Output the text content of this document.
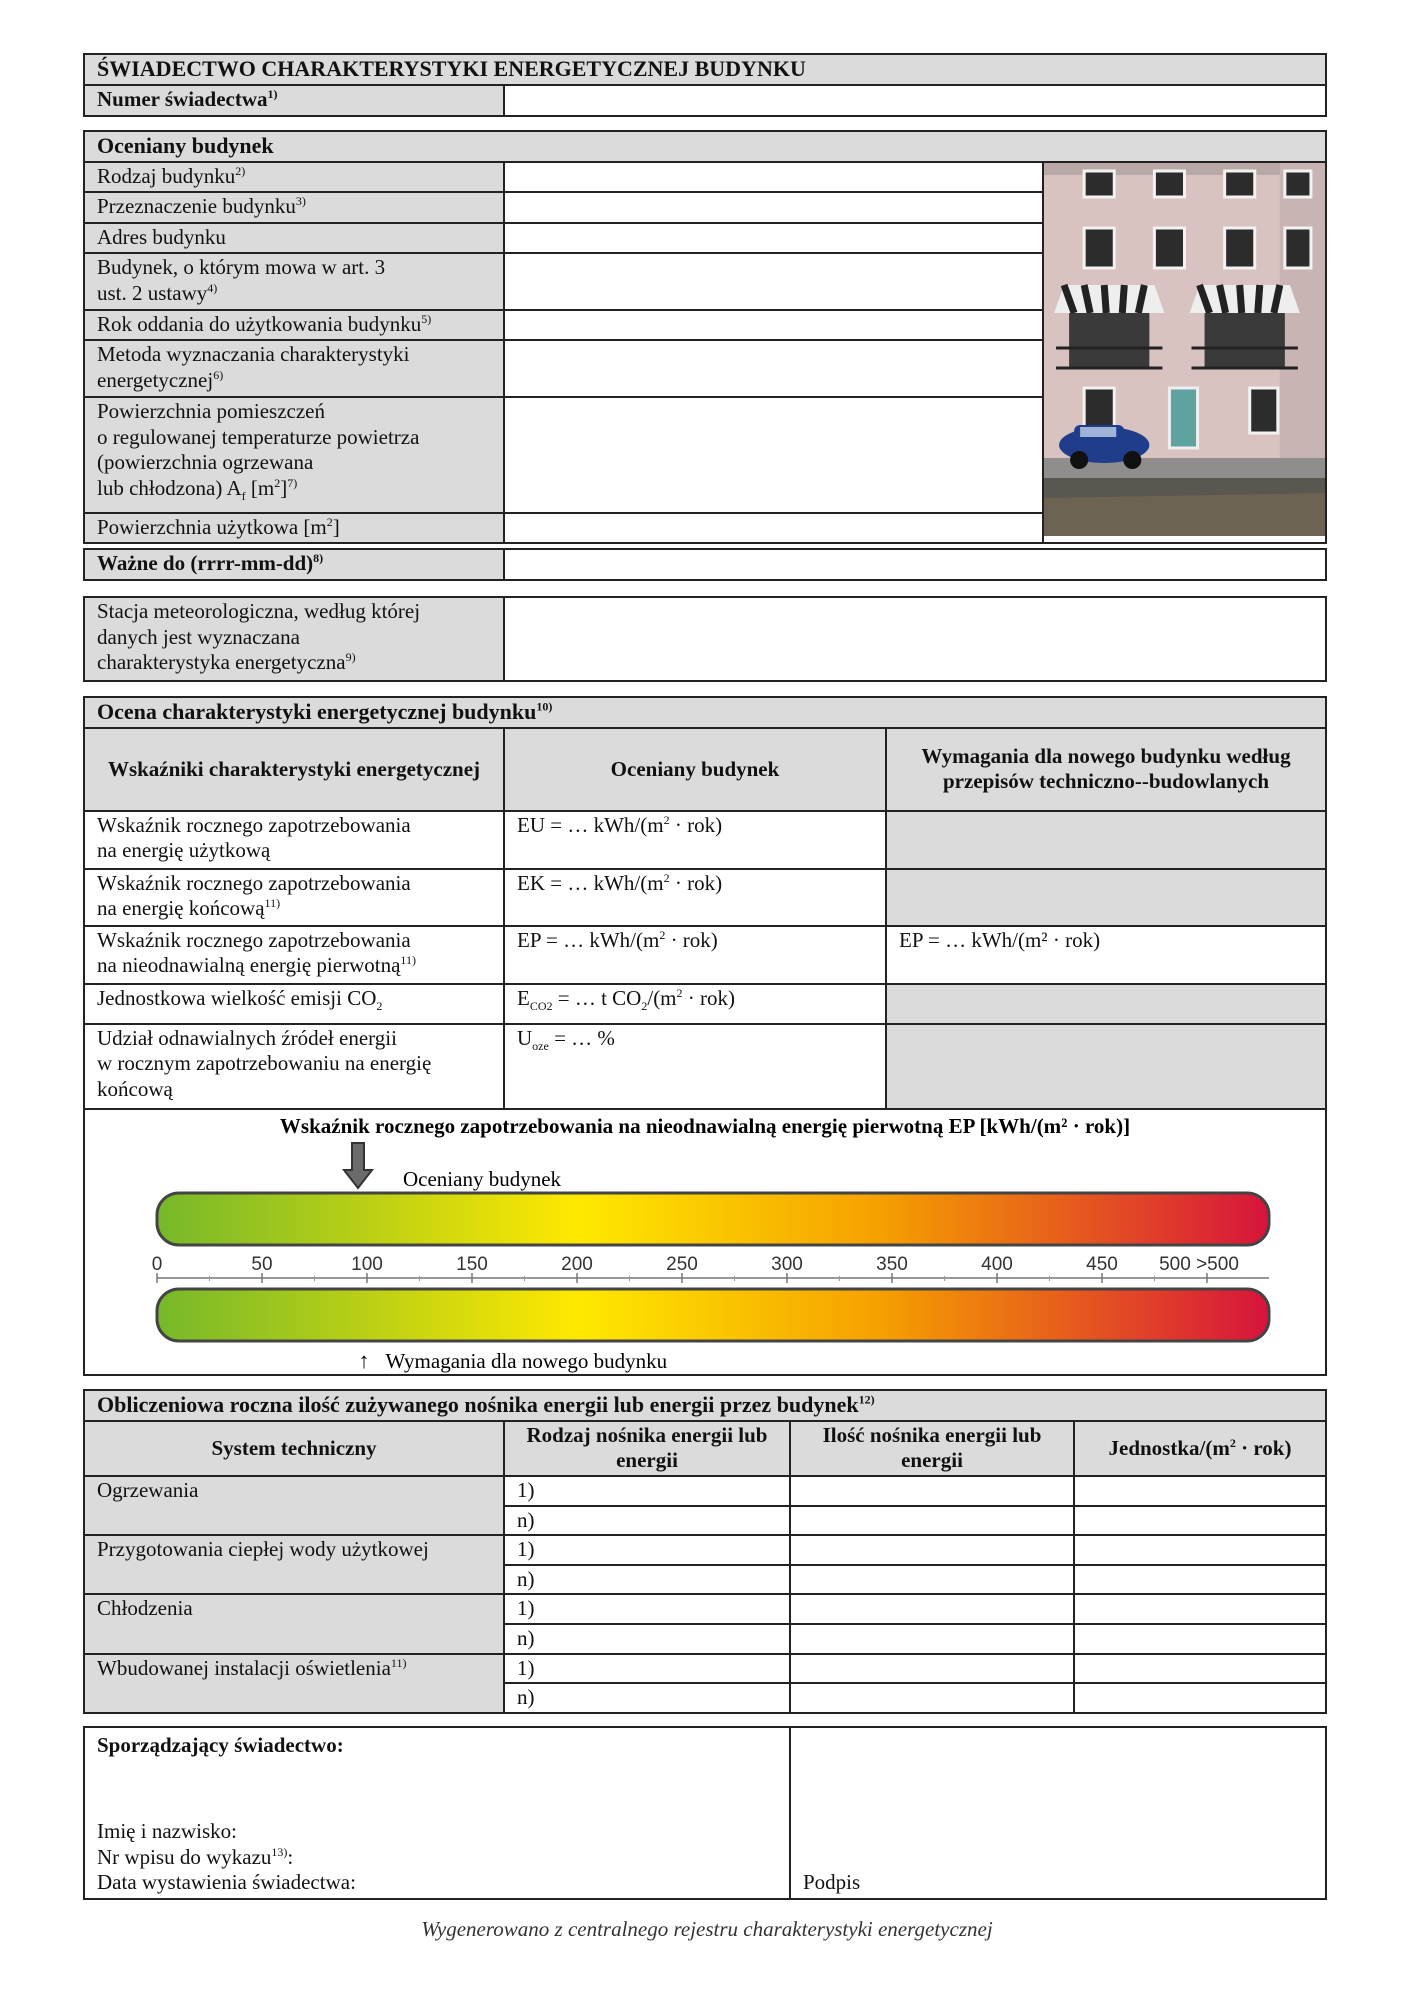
ŚWIADECTWO CHARAKTERYSTYKI ENERGETYCZNEJ BUDYNKU
Numer świadectwa$^{1)}$	
Oceniany budynek		
Rodzaj budynku$^{2)}$		
Przeznaczenie budynku$^{3)}$	
Adres budynku		
Budynek, o którym mowa w art. 3
ust. 2 ustawy$^{4)}$	
Rok oddania do użytkowania budynku$^{5)}$	
Metoda wyznaczania charakterystyki
energetycznej$^{6)}$	
Powierzchnia pomieszczeń
o regulowanej temperaturze powietrza
(powierzchnia ogrzewana
lub chłodzona) $A_f$ $[m^2]^{7)}$	
Powierzchnia użytkowa $[m^2]$		
Ważne do (rrrr-mm-dd)$^{8)}$	
Stacja meteorologiczna, według której
danych jest wyznaczana
charakterystyka energetyczna$^{9)}$	
Ocena charakterystyki energetycznej budynku$^{10)}$
Wskaźniki charakterystyki energetycznej	Oceniany budynek	Wymagania dla nowego budynku według przepisów techniczno--budowlanych
Wskaźnik rocznego zapotrzebowania
na energię użytkową	EU = … kWh/$(m^2 \cdot rok)$	
Wskaźnik rocznego zapotrzebowania
na energię końcową$^{11)}$	EK = … kWh/$(m^2 \cdot rok)$	
Wskaźnik rocznego zapotrzebowania
na nieodnawialną energię pierwotną$^{11)}$	EP = … kWh/$(m^2 \cdot rok)$	EP = … kWh/(m² · rok)
Jednostkowa wielkość emisji $CO_2$	$E_{CO2}$ = … t $CO_2/(m^2 \cdot rok)$	
Udział odnawialnych źródeł energii
w rocznym zapotrzebowaniu na energię
końcową	$U_{oze}$ = … %	
Wskaźnik rocznego zapotrzebowania na nieodnawialną energię pierwotną EP [kWh/(m² · rok)]
Oceniany budynek
0	50	100	150	200	250	300	350	400	450 500 >500
↑ Wymagania dla nowego budynku
Obliczeniowa roczna ilość zużywanego nośnika energii lub energii przez budynek$^{12)}$
System techniczny	Rodzaj nośnika energii lub energii	Ilość nośnika energii lub energii	Jednostka/$(m^2 \cdot rok)$
Ogrzewania	1)		
	n)		
Przygotowania ciepłej wody użytkowej	1)		
	n)		
Chłodzenia	1)		
	n)		
Wbudowanej instalacji oświetlenia$^{11)}$	1)		
	n)		
Sporządzający świadectwo:
Imię i nazwisko:
Nr wpisu do wykazu$^{13)}$:
Data wystawienia świadectwa:	Podpis
Wygenerowano z centralnego rejestru charakterystyki energetycznej
